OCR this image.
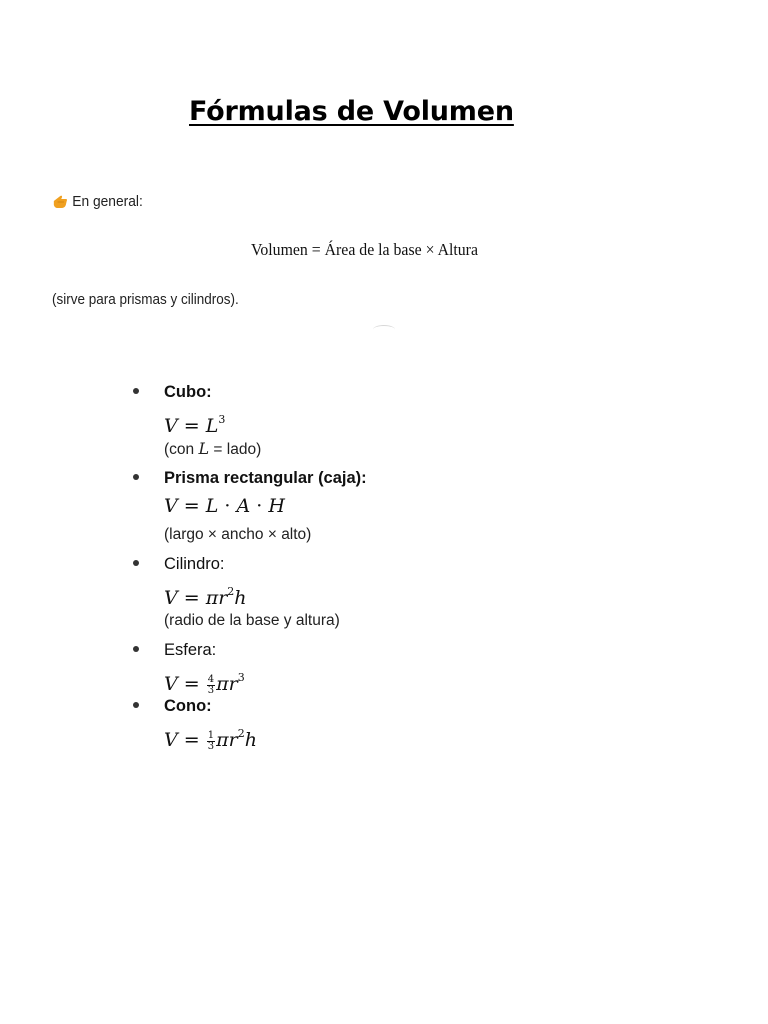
Fórmulas de Volumen
En general:
Volumen = Área de la base × Altura
(sirve para prismas y cilindros).
Cubo:
$V = L^3$
(con L = lado)
Prisma rectangular (caja):
V = L · A · H
(largo × ancho × alto)
Cilindro:
$V = \pi r^2h$
(radio de la base y altura)
Esfera:
$V = \frac{4}{3} \pi r^3$
Cono:
$V = \frac{1}{3} \pi r^2h$
